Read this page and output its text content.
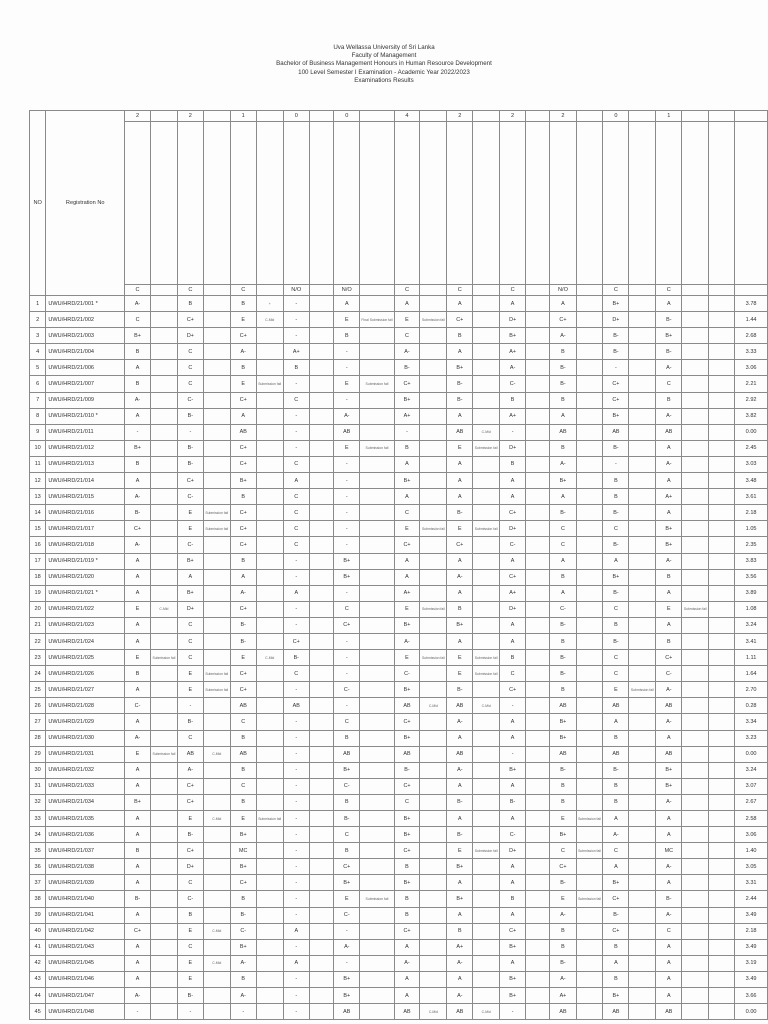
Uva Wellassa University of Sri Lanka
Faculty of Management
Bachelor of Business Management Honours in Human Resource Development
100 Level Semester I Examination - Academic Year 2022/2023
Examinations Results
NO	Registration No	2		2		1		0		0		4		2		2		2		0		1			

		C		C		C		N/O		N/O		C		C		C		N/O		C		C			
1	UWU/HRD/21/001 *	A-		B		B	+	-		A		A		A		A		A		B+		A			3.78
2	UWU/HRD/21/002	C		C+		E	C-Mid	-		E	Final Submission fail	E	Submission fail	C+		D+		C+		D+		B-			1.44
3	UWU/HRD/21/003	B+		D+		C+		-		B		C		B		B+		A-		B-		B+			2.68
4	UWU/HRD/21/004	B		C		A-		A+		-		A-		A		A+		B		B-		B-			3.33
5	UWU/HRD/21/006	A		C		B		B		-		B-		B+		A-		B-		-		A-			3.06
6	UWU/HRD/21/007	B		C		E	Submission fail	-		E	Submission fail	C+		B-		C-		B-		C+		C			2.21
7	UWU/HRD/21/009	A-		C-		C+		C		-		B+		B-		B		B		C+		B			2.92
8	UWU/HRD/21/010 *	A		B-		A		-		A-		A+		A		A+		A		B+		A-			3.82
9	UWU/HRD/21/011	-		-		AB		-		AB		-		AB	C-Mid	-		AB		AB		AB			0.00
10	UWU/HRD/21/012	B+		B-		C+		-		E	Submission fail	B		E	Submission fail	D+		B		B-		A			2.45
11	UWU/HRD/21/013	B		B-		C+		C		-		A		A		B		A-		-		A-			3.03
12	UWU/HRD/21/014	A		C+		B+		A		-		B+		A		A		B+		B		A			3.48
13	UWU/HRD/21/015	A-		C-		B		C		-		A		A		A		A		B		A+			3.61
14	UWU/HRD/21/016	B-		E	Submission fail	C+		C		-		C		B-		C+		B-		B-		A			2.18
15	UWU/HRD/21/017	C+		E	Submission fail	C+		C		-		E	Submission fail	E	Submission fail	D+		C		C		B+			1.05
16	UWU/HRD/21/018	A-		C-		C+		C		-		C+		C+		C-		C		B-		B+			2.35
17	UWU/HRD/21/019 *	A		B+		B		-		B+		A		A		A		A		A		A-			3.83
18	UWU/HRD/21/020	A		A		A		-		B+		A		A-		C+		B		B+		B			3.56
19	UWU/HRD/21/021 *	A		B+		A-		A		-		A+		A		A+		A		B-		A			3.89
20	UWU/HRD/21/022	E	C-Mid	D+		C+		-		C		E	Submission fail	B		D+		C-		C		E	Submission fail		1.08
21	UWU/HRD/21/023	A		C		B-		-		C+		B+		B+		A		B-		B		A			3.24
22	UWU/HRD/21/024	A		C		B-		C+		-		A-		A		A		B		B-		B			3.41
23	UWU/HRD/21/025	E	Submission fail	C		E	C-Mid	B-		-		E	Submission fail	E	Submission fail	B		B-		C		C+			1.11
24	UWU/HRD/21/026	B		E	Submission fail	C+		C		-		C-		E	Submission fail	C		B-		C		C-			1.64
25	UWU/HRD/21/027	A		E	Submission fail	C+		-		C-		B+		B-		C+		B		E	Submission fail	A-			2.70
26	UWU/HRD/21/028	C-		-		AB		AB		-		AB	C-Mid	AB	C-Mid	-		AB		AB		AB			0.28
27	UWU/HRD/21/029	A		B-		C		-		C		C+		A-		A		B+		A		A-			3.34
28	UWU/HRD/21/030	A-		C		B		-		B		B+		A		A		B+		B		A			3.23
29	UWU/HRD/21/031	E	Submission fail	AB	C-Mid	AB		-		AB		AB		AB		-		AB		AB		AB			0.00
30	UWU/HRD/21/032	A		A-		B		-		B+		B-		A-		B+		B-		B-		B+			3.24
31	UWU/HRD/21/033	A		C+		C		-		C-		C+		A		A		B		B		B+			3.07
32	UWU/HRD/21/034	B+		C+		B		-		B		C		B-		B-		B		B		A-			2.67
33	UWU/HRD/21/035	A		E	C-Mid	E	Submission fail	-		B-		B+		A		A		E	Submission fail	A		A			2.58
34	UWU/HRD/21/036	A		B-		B+		-		C		B+		B-		C-		B+		A-		A			3.06
35	UWU/HRD/21/037	B		C+		MC		-		B		C+		E	Submission fail	D+		C	Submission fail	C		MC			1.40
36	UWU/HRD/21/038	A		D+		B+		-		C+		B		B+		A		C+		A		A-			3.05
37	UWU/HRD/21/039	A		C		C+		-		B+		B+		A		A		B-		B+		A			3.31
38	UWU/HRD/21/040	B-		C-		B		-		E	Submission fail	B		B+		B		E	Submission fail	C+		B-			2.44
39	UWU/HRD/21/041	A		B		B-		-		C-		B		A		A		A-		B-		A-			3.49
40	UWU/HRD/21/042	C+		E	C-Mid	C-		A		-		C+		B		C+		B		C+		C			2.18
41	UWU/HRD/21/043	A		C		B+		-		A-		A		A+		B+		B		B		A			3.49
42	UWU/HRD/21/045	A		E	C-Mid	A-		A		-		A-		A-		A		B-		A		A			3.19
43	UWU/HRD/21/046	A		E		B		-		B+		A		A		B+		A-		B		A			3.49
44	UWU/HRD/21/047	A-		B-		A-		-		B+		A		A-		B+		A+		B+		A			3.66
45	UWU/HRD/21/048	-		-		-		-		AB		AB	C-Mid	AB	C-Mid	-		AB		AB		AB			0.00
